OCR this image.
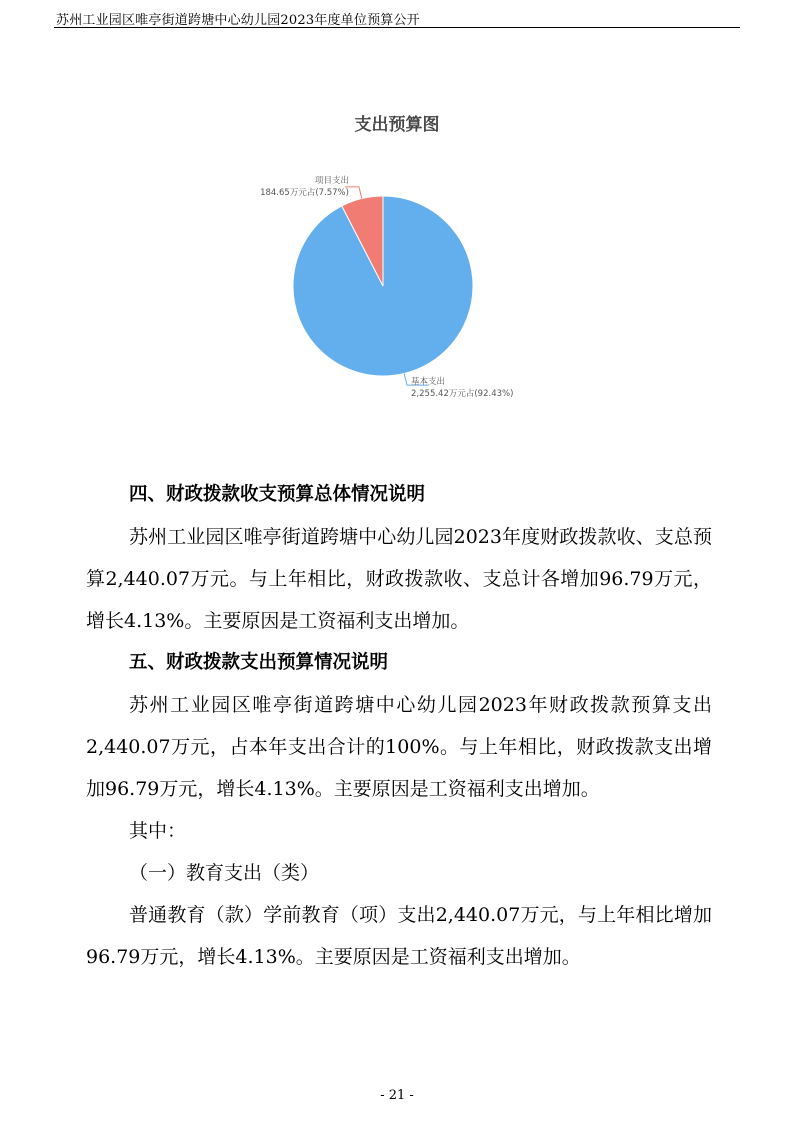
苏州工业园区唯亭街道跨塘中心幼儿园2023年度单位预算公开
支出预算图
基本支出
2,255.42万元占(92.43%)
项目支出
184.65万元占(7.57%)

四、财政拨款收支预算总体情况说明

苏州工业园区唯亭街道跨塘中心幼儿园2023年度财政拨款收、支总预算2,440.07万元。与上年相比，财政拨款收、支总计各增加96.79万元，增长4.13%。主要原因是工资福利支出增加。

五、财政拨款支出预算情况说明

苏州工业园区唯亭街道跨塘中心幼儿园2023年财政拨款预算支出2,440.07万元，占本年支出合计的100%。与上年相比，财政拨款支出增加96.79万元，增长4.13%。主要原因是工资福利支出增加。

其中：

（一）教育支出（类）

普通教育（款）学前教育（项）支出2,440.07万元，与上年相比增加96.79万元，增长4.13%。主要原因是工资福利支出增加。

- 21 -
